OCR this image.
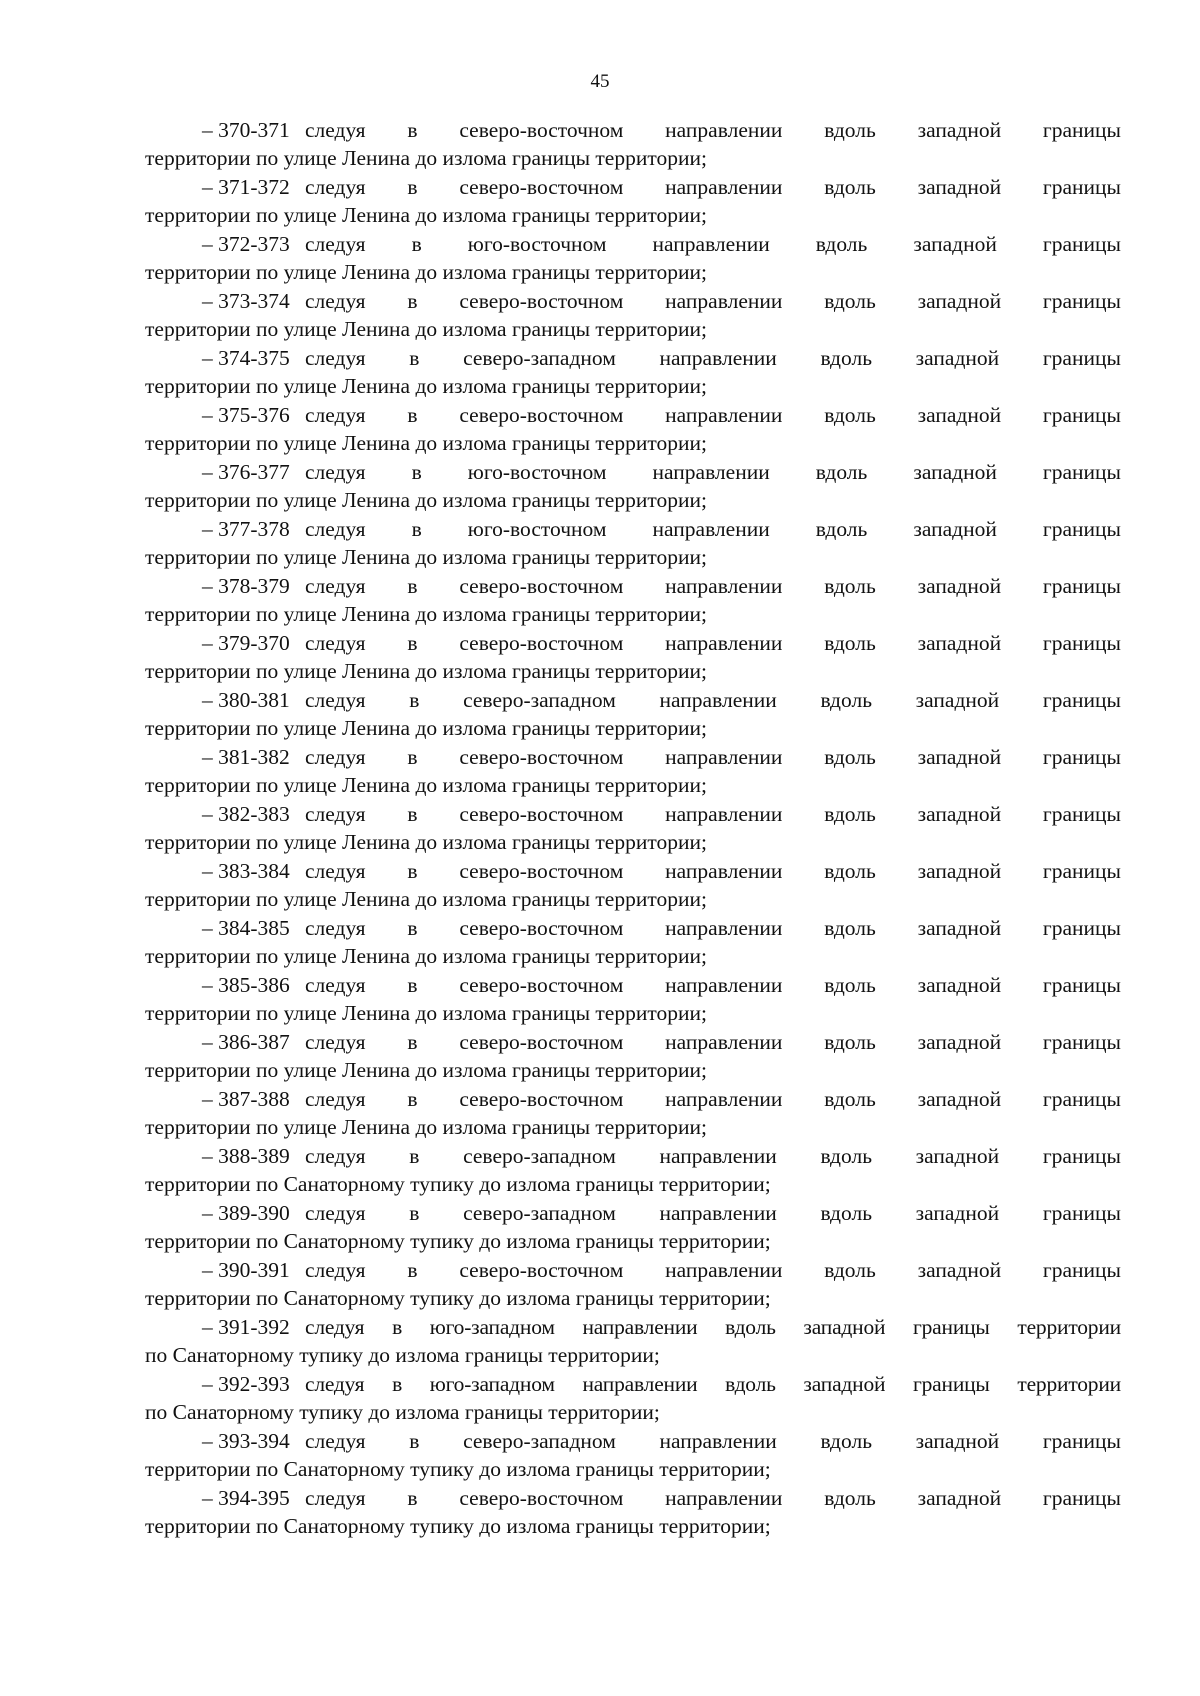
45
– 370-371 следуя в северо-восточном направлении вдоль западной границы
территории по улице Ленина до излома границы территории;
– 371-372 следуя в северо-восточном направлении вдоль западной границы
территории по улице Ленина до излома границы территории;
– 372-373 следуя в юго-восточном направлении вдоль западной границы
территории по улице Ленина до излома границы территории;
– 373-374 следуя в северо-восточном направлении вдоль западной границы
территории по улице Ленина до излома границы территории;
– 374-375 следуя в северо-западном направлении вдоль западной границы
территории по улице Ленина до излома границы территории;
– 375-376 следуя в северо-восточном направлении вдоль западной границы
территории по улице Ленина до излома границы территории;
– 376-377 следуя в юго-восточном направлении вдоль западной границы
территории по улице Ленина до излома границы территории;
– 377-378 следуя в юго-восточном направлении вдоль западной границы
территории по улице Ленина до излома границы территории;
– 378-379 следуя в северо-восточном направлении вдоль западной границы
территории по улице Ленина до излома границы территории;
– 379-370 следуя в северо-восточном направлении вдоль западной границы
территории по улице Ленина до излома границы территории;
– 380-381 следуя в северо-западном направлении вдоль западной границы
территории по улице Ленина до излома границы территории;
– 381-382 следуя в северо-восточном направлении вдоль западной границы
территории по улице Ленина до излома границы территории;
– 382-383 следуя в северо-восточном направлении вдоль западной границы
территории по улице Ленина до излома границы территории;
– 383-384 следуя в северо-восточном направлении вдоль западной границы
территории по улице Ленина до излома границы территории;
– 384-385 следуя в северо-восточном направлении вдоль западной границы
территории по улице Ленина до излома границы территории;
– 385-386 следуя в северо-восточном направлении вдоль западной границы
территории по улице Ленина до излома границы территории;
– 386-387 следуя в северо-восточном направлении вдоль западной границы
территории по улице Ленина до излома границы территории;
– 387-388 следуя в северо-восточном направлении вдоль западной границы
территории по улице Ленина до излома границы территории;
– 388-389 следуя в северо-западном направлении вдоль западной границы
территории по Санаторному тупику до излома границы территории;
– 389-390 следуя в северо-западном направлении вдоль западной границы
территории по Санаторному тупику до излома границы территории;
– 390-391 следуя в северо-восточном направлении вдоль западной границы
территории по Санаторному тупику до излома границы территории;
– 391-392 следуя в юго-западном направлении вдоль западной границы территории
по Санаторному тупику до излома границы территории;
– 392-393 следуя в юго-западном направлении вдоль западной границы территории
по Санаторному тупику до излома границы территории;
– 393-394 следуя в северо-западном направлении вдоль западной границы
территории по Санаторному тупику до излома границы территории;
– 394-395 следуя в северо-восточном направлении вдоль западной границы
территории по Санаторному тупику до излома границы территории;
